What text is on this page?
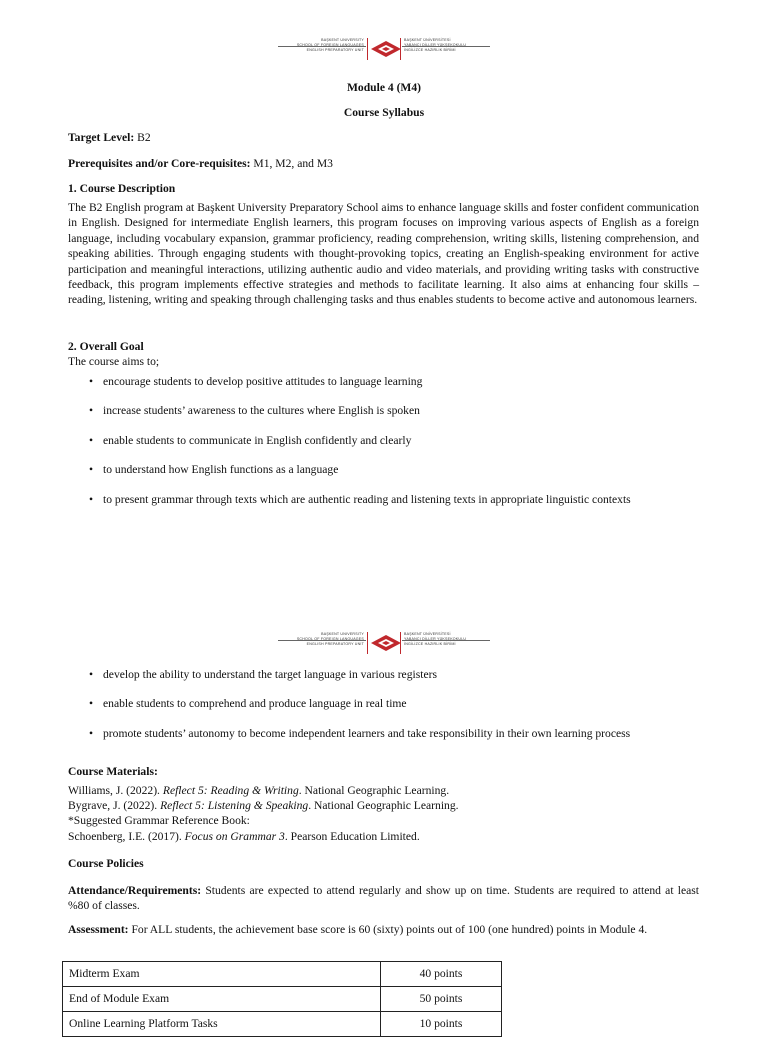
BAŞKENT UNIVERSITY
SCHOOL OF FOREIGN LANGUAGES
ENGLISH PREPARATORY UNIT
BAŞKENT ÜNİVERSİTESİ
YABANCI DİLLER YÜKSEKOKULU
İNGİLİZCE HAZIRLIK BİRİMİ
Module 4 (M4)
Course Syllabus
Target Level: B2
Prerequisites and/or Core-requisites: M1, M2, and M3
1. Course Description
The B2 English program at Başkent University Preparatory School aims to enhance language skills and foster confident communication in English. Designed for intermediate English learners, this program focuses on improving various aspects of English as a foreign language, including vocabulary expansion, grammar proficiency, reading comprehension, writing skills, listening comprehension, and speaking abilities. Through engaging students with thought-provoking topics, creating an English-speaking environment for active participation and meaningful interactions, utilizing authentic audio and video materials, and providing writing tasks with constructive feedback, this program implements effective strategies and methods to facilitate learning. It also aims at enhancing four skills – reading, listening, writing and speaking through challenging tasks and thus enables students to become active and autonomous learners.
2. Overall Goal
The course aims to;
• encourage students to develop positive attitudes to language learning
• increase students’ awareness to the cultures where English is spoken
• enable students to communicate in English confidently and clearly
• to understand how English functions as a language
• to present grammar through texts which are authentic reading and listening texts in appropriate linguistic contexts
BAŞKENT UNIVERSITY
SCHOOL OF FOREIGN LANGUAGES
ENGLISH PREPARATORY UNIT
BAŞKENT ÜNİVERSİTESİ
YABANCI DİLLER YÜKSEKOKULU
İNGİLİZCE HAZIRLIK BİRİMİ
• develop the ability to understand the target language in various registers
• enable students to comprehend and produce language in real time
• promote students’ autonomy to become independent learners and take responsibility in their own learning process
Course Materials:
Williams, J. (2022). Reflect 5: Reading & Writing. National Geographic Learning.
Bygrave, J. (2022). Reflect 5: Listening & Speaking. National Geographic Learning.
*Suggested Grammar Reference Book:
Schoenberg, I.E. (2017). Focus on Grammar 3. Pearson Education Limited.
Course Policies
Attendance/Requirements: Students are expected to attend regularly and show up on time. Students are required to attend at least %80 of classes.
Assessment: For ALL students, the achievement base score is 60 (sixty) points out of 100 (one hundred) points in Module 4.
Midterm Exam	40 points
End of Module Exam	50 points
Online Learning Platform Tasks	10 points
